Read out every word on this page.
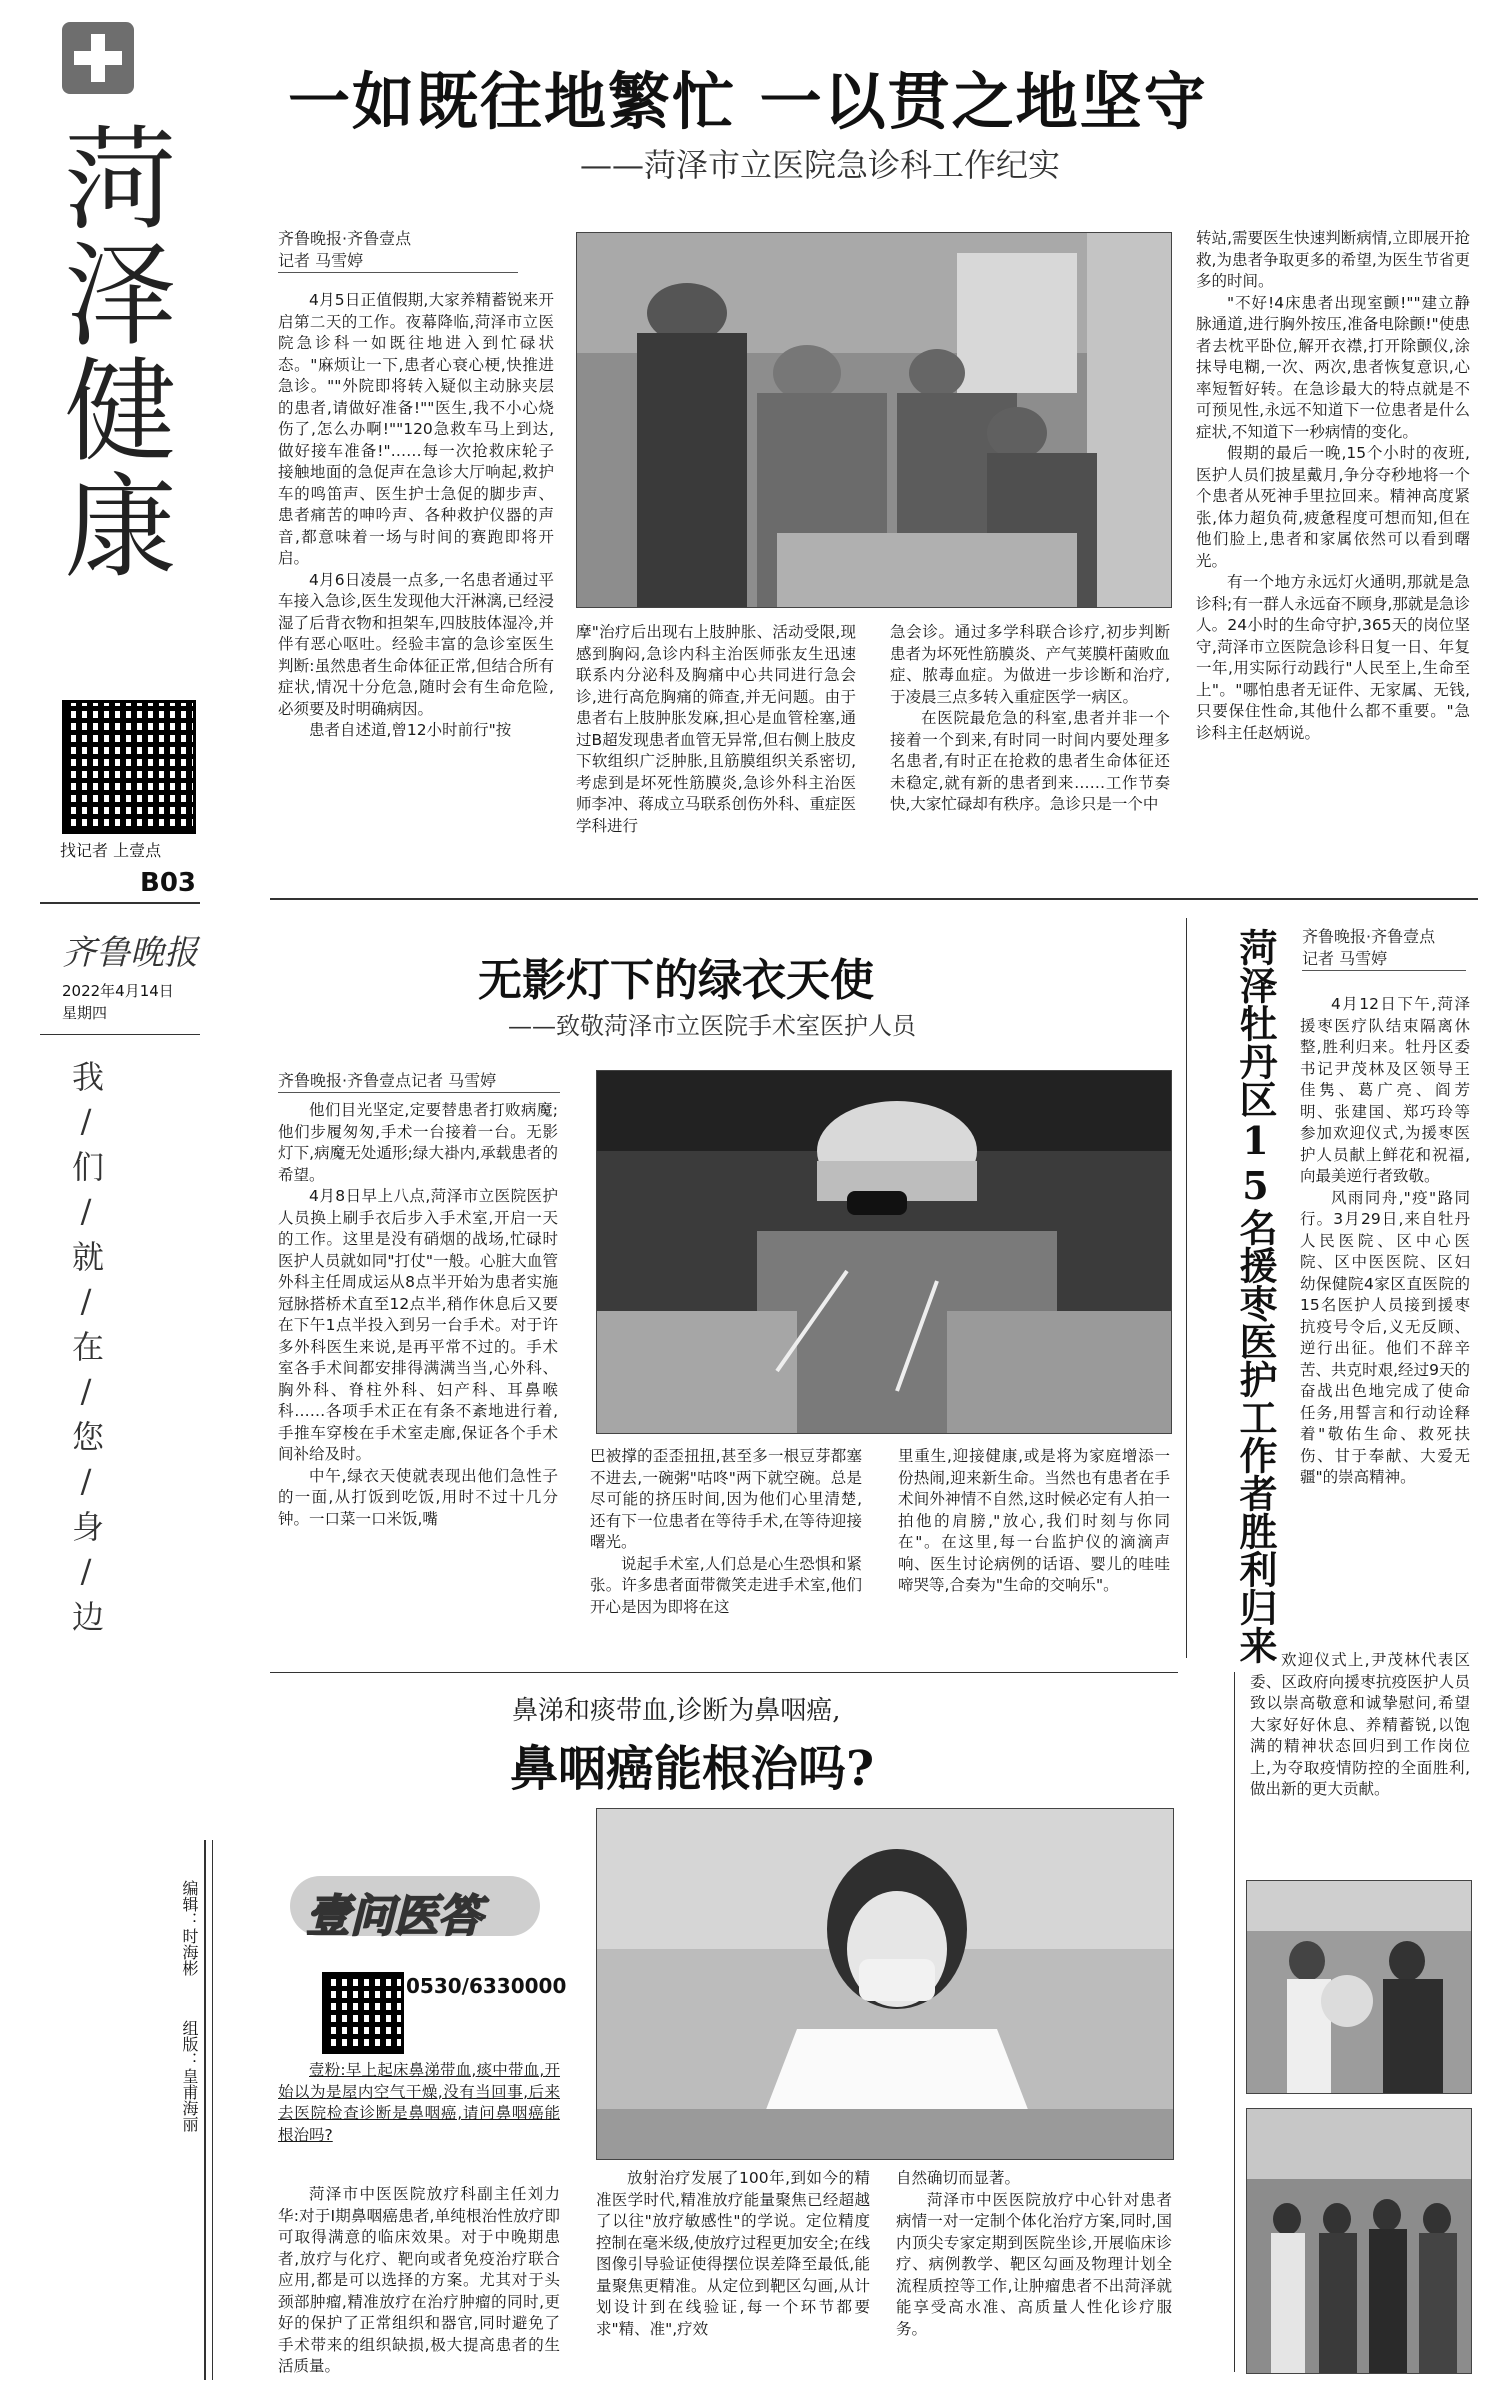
菏泽健康
找记者 上壹点
B03
齐鲁晚报
2022年4月14日
星期四
我/们/就/在/您/身/边
编辑：时海彬
组版：皇甫海丽
一如既往地繁忙 一以贯之地坚守
——菏泽市立医院急诊科工作纪实
齐鲁晚报·齐鲁壹点
记者 马雪婷

4月5日正值假期,大家养精蓄锐来开启第二天的工作。夜幕降临,菏泽市立医院急诊科一如既往地进入到忙碌状态。"麻烦让一下,患者心衰心梗,快推进急诊。""外院即将转入疑似主动脉夹层的患者,请做好准备!""医生,我不小心烧伤了,怎么办啊!""120急救车马上到达,做好接车准备!"……每一次抢救床轮子接触地面的急促声在急诊大厅响起,救护车的鸣笛声、医生护士急促的脚步声、患者痛苦的呻吟声、各种救护仪器的声音,都意味着一场与时间的赛跑即将开启。

4月6日凌晨一点多,一名患者通过平车接入急诊,医生发现他大汗淋漓,已经浸湿了后背衣物和担架车,四肢肢体湿冷,并伴有恶心呕吐。经验丰富的急诊室医生判断:虽然患者生命体征正常,但结合所有症状,情况十分危急,随时会有生命危险,必须要及时明确病因。

患者自述道,曾12小时前行"按

摩"治疗后出现右上肢肿胀、活动受限,现感到胸闷,急诊内科主治医师张友生迅速联系内分泌科及胸痛中心共同进行急会诊,进行高危胸痛的筛查,并无问题。由于患者右上肢肿胀发麻,担心是血管栓塞,通过B超发现患者血管无异常,但右侧上肢皮下软组织广泛肿胀,且筋膜组织关系密切,考虑到是坏死性筋膜炎,急诊外科主治医师李冲、蒋成立马联系创伤外科、重症医学科进行

急会诊。通过多学科联合诊疗,初步判断患者为坏死性筋膜炎、产气荚膜杆菌败血症、脓毒血症。为做进一步诊断和治疗,于凌晨三点多转入重症医学一病区。

在医院最危急的科室,患者并非一个接着一个到来,有时同一时间内要处理多名患者,有时正在抢救的患者生命体征还未稳定,就有新的患者到来……工作节奏快,大家忙碌却有秩序。急诊只是一个中

转站,需要医生快速判断病情,立即展开抢救,为患者争取更多的希望,为医生节省更多的时间。

"不好!4床患者出现室颤!""建立静脉通道,进行胸外按压,准备电除颤!"使患者去枕平卧位,解开衣襟,打开除颤仪,涂抹导电糊,一次、两次,患者恢复意识,心率短暂好转。在急诊最大的特点就是不可预见性,永远不知道下一位患者是什么症状,不知道下一秒病情的变化。

假期的最后一晚,15个小时的夜班,医护人员们披星戴月,争分夺秒地将一个个患者从死神手里拉回来。精神高度紧张,体力超负荷,疲惫程度可想而知,但在他们脸上,患者和家属依然可以看到曙光。

有一个地方永远灯火通明,那就是急诊科;有一群人永远奋不顾身,那就是急诊人。24小时的生命守护,365天的岗位坚守,菏泽市立医院急诊科日复一日、年复一年,用实际行动践行"人民至上,生命至上"。"哪怕患者无证件、无家属、无钱,只要保住性命,其他什么都不重要。"急诊科主任赵炳说。

无影灯下的绿衣天使
——致敬菏泽市立医院手术室医护人员
齐鲁晚报·齐鲁壹点记者 马雪婷

他们目光坚定,定要替患者打败病魔;他们步履匆匆,手术一台接着一台。无影灯下,病魔无处遁形;绿大褂内,承载患者的希望。

4月8日早上八点,菏泽市立医院医护人员换上刷手衣后步入手术室,开启一天的工作。这里是没有硝烟的战场,忙碌时医护人员就如同"打仗"一般。心脏大血管外科主任周成运从8点半开始为患者实施冠脉搭桥术直至12点半,稍作休息后又要在下午1点半投入到另一台手术。对于许多外科医生来说,是再平常不过的。手术室各手术间都安排得满满当当,心外科、胸外科、脊柱外科、妇产科、耳鼻喉科……各项手术正在有条不紊地进行着,手推车穿梭在手术室走廊,保证各个手术间补给及时。

中午,绿衣天使就表现出他们急性子的一面,从打饭到吃饭,用时不过十几分钟。一口菜一口米饭,嘴

巴被撑的歪歪扭扭,甚至多一根豆芽都塞不进去,一碗粥"咕咚"两下就空碗。总是尽可能的挤压时间,因为他们心里清楚,还有下一位患者在等待手术,在等待迎接曙光。

说起手术室,人们总是心生恐惧和紧张。许多患者面带微笑走进手术室,他们开心是因为即将在这

里重生,迎接健康,或是将为家庭增添一份热闹,迎来新生命。当然也有患者在手术间外神情不自然,这时候必定有人拍一拍他的肩膀,"放心,我们时刻与你同在"。在这里,每一台监护仪的滴滴声响、医生讨论病例的话语、婴儿的哇哇啼哭等,合奏为"生命的交响乐"。	菏泽牡丹区15名援枣医护工作者胜利归来 齐鲁晚报·齐鲁壹点
记者 马雪婷

4月12日下午,菏泽援枣医疗队结束隔离休整,胜利归来。牡丹区委书记尹茂林及区领导王佳隽、葛广亮、阎芳明、张建国、郑巧玲等参加欢迎仪式,为援枣医护人员献上鲜花和祝福,向最美逆行者致敬。

风雨同舟,"疫"路同行。3月29日,来自牡丹人民医院、区中心医院、区中医医院、区妇幼保健院4家区直医院的15名医护人员接到援枣抗疫号令后,义无反顾、逆行出征。他们不辞辛苦、共克时艰,经过9天的奋战出色地完成了使命任务,用誓言和行动诠释着"敬佑生命、救死扶伤、甘于奉献、大爱无疆"的崇高精神。

欢迎仪式上,尹茂林代表区委、区政府向援枣抗疫医护人员致以崇高敬意和诚挚慰问,希望大家好好休息、养精蓄锐,以饱满的精神状态回归到工作岗位上,为夺取疫情防控的全面胜利,做出新的更大贡献。

鼻涕和痰带血,诊断为鼻咽癌,
鼻咽癌能根治吗?
壹问医答
0530/6330000

壹粉:早上起床鼻涕带血,痰中带血,开始以为是屋内空气干燥,没有当回事,后来去医院检查诊断是鼻咽癌,请问鼻咽癌能根治吗?

菏泽市中医医院放疗科副主任刘力华:对于I期鼻咽癌患者,单纯根治性放疗即可取得满意的临床效果。对于中晚期患者,放疗与化疗、靶向或者免疫治疗联合应用,都是可以选择的方案。尤其对于头颈部肿瘤,精准放疗在治疗肿瘤的同时,更好的保护了正常组织和器官,同时避免了手术带来的组织缺损,极大提高患者的生活质量。

放射治疗发展了100年,到如今的精准医学时代,精准放疗能量聚焦已经超越了以往"放疗敏感性"的学说。定位精度控制在毫米级,使放疗过程更加安全;在线图像引导验证使得摆位误差降至最低,能量聚焦更精准。从定位到靶区勾画,从计划设计到在线验证,每一个环节都要求"精、准",疗效

自然确切而显著。

菏泽市中医医院放疗中心针对患者病情一对一定制个体化治疗方案,同时,国内顶尖专家定期到医院坐诊,开展临床诊疗、病例教学、靶区勾画及物理计划全流程质控等工作,让肿瘤患者不出菏泽就能享受高水准、高质量人性化诊疗服务。
